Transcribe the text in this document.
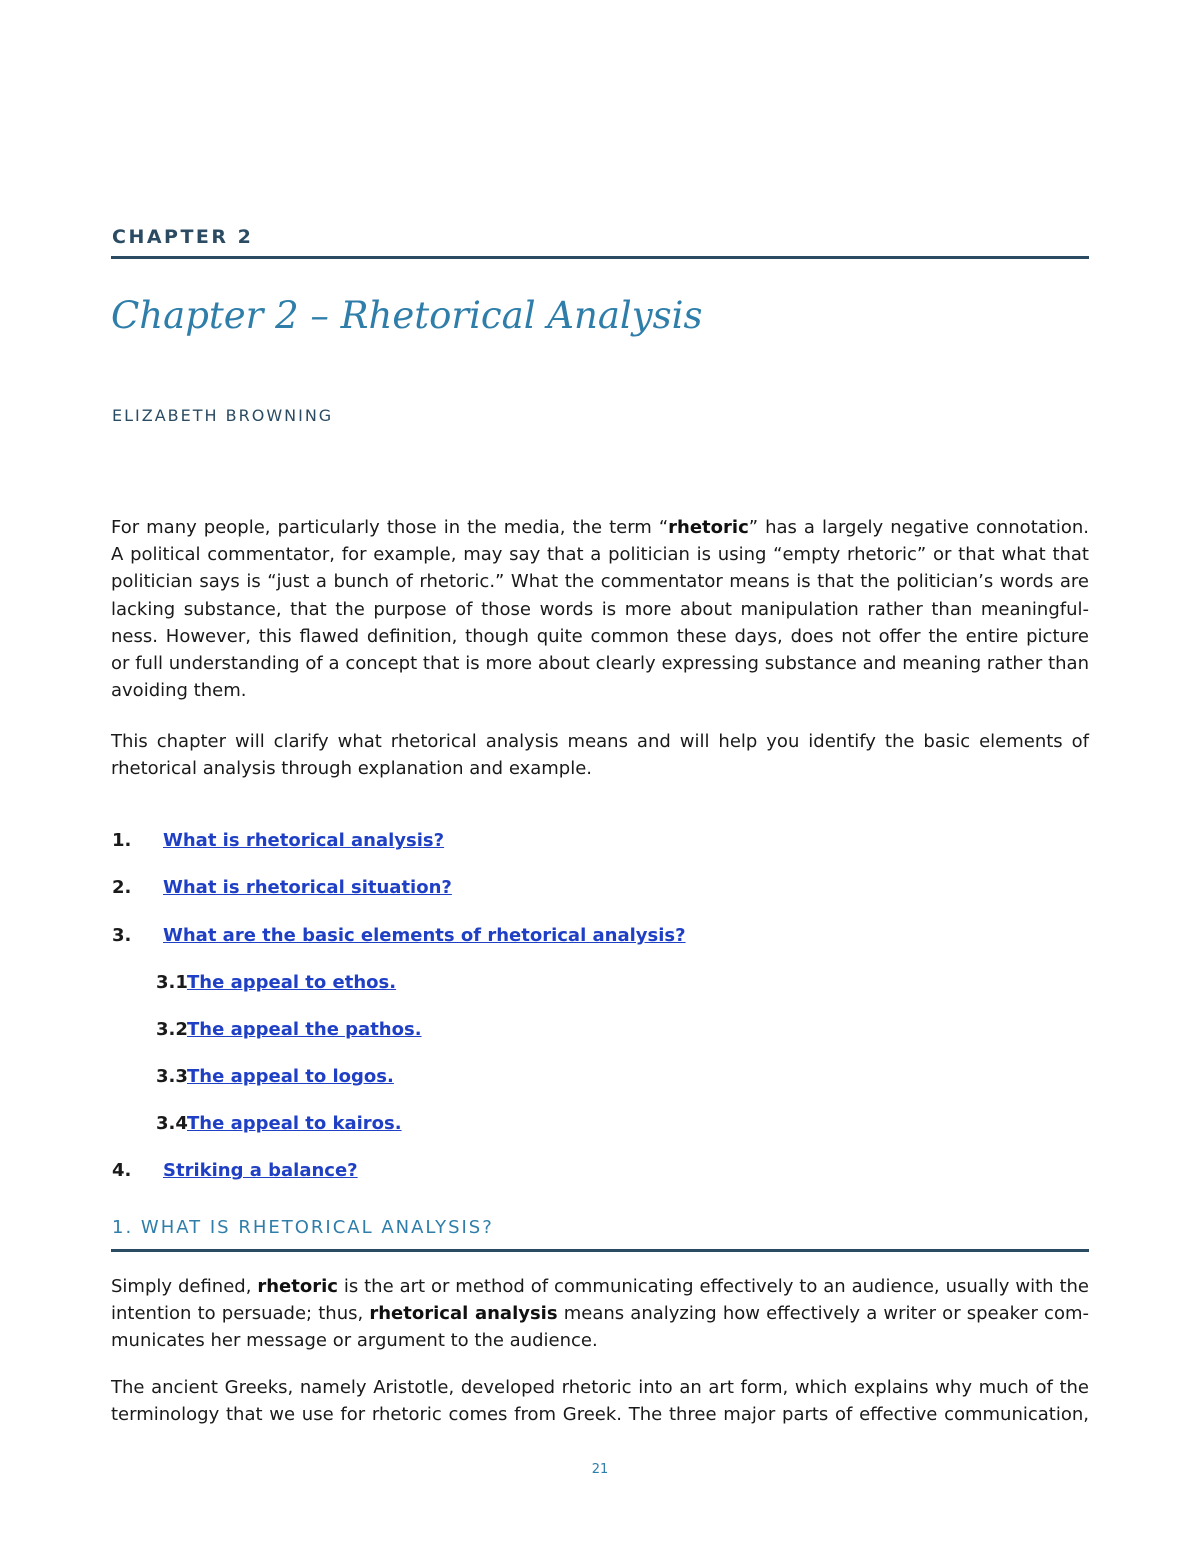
CHAPTER 2
Chapter 2 – Rhetorical Analysis
ELIZABETH BROWNING
For many people, particularly those in the media, the term “rhetoric” has a largely negative connotation.
A political commentator, for example, may say that a politician is using “empty rhetoric” or that what that
politician says is “just a bunch of rhetoric.” What the commentator means is that the politician’s words are
lacking substance, that the purpose of those words is more about manipulation rather than meaningful-
ness. However, this flawed definition, though quite common these days, does not offer the entire picture
or full understanding of a concept that is more about clearly expressing substance and meaning rather than
avoiding them.
This chapter will clarify what rhetorical analysis means and will help you identify the basic elements of
rhetorical analysis through explanation and example.
1. What is rhetorical analysis?
2. What is rhetorical situation?
3. What are the basic elements of rhetorical analysis?
3.1The appeal to ethos.
3.2The appeal the pathos.
3.3The appeal to logos.
3.4The appeal to kairos.
4. Striking a balance?
1. WHAT IS RHETORICAL ANALYSIS?
Simply defined, rhetoric is the art or method of communicating effectively to an audience, usually with the
intention to persuade; thus, rhetorical analysis means analyzing how effectively a writer or speaker com-
municates her message or argument to the audience.
The ancient Greeks, namely Aristotle, developed rhetoric into an art form, which explains why much of the
terminology that we use for rhetoric comes from Greek. The three major parts of effective communication,
21
